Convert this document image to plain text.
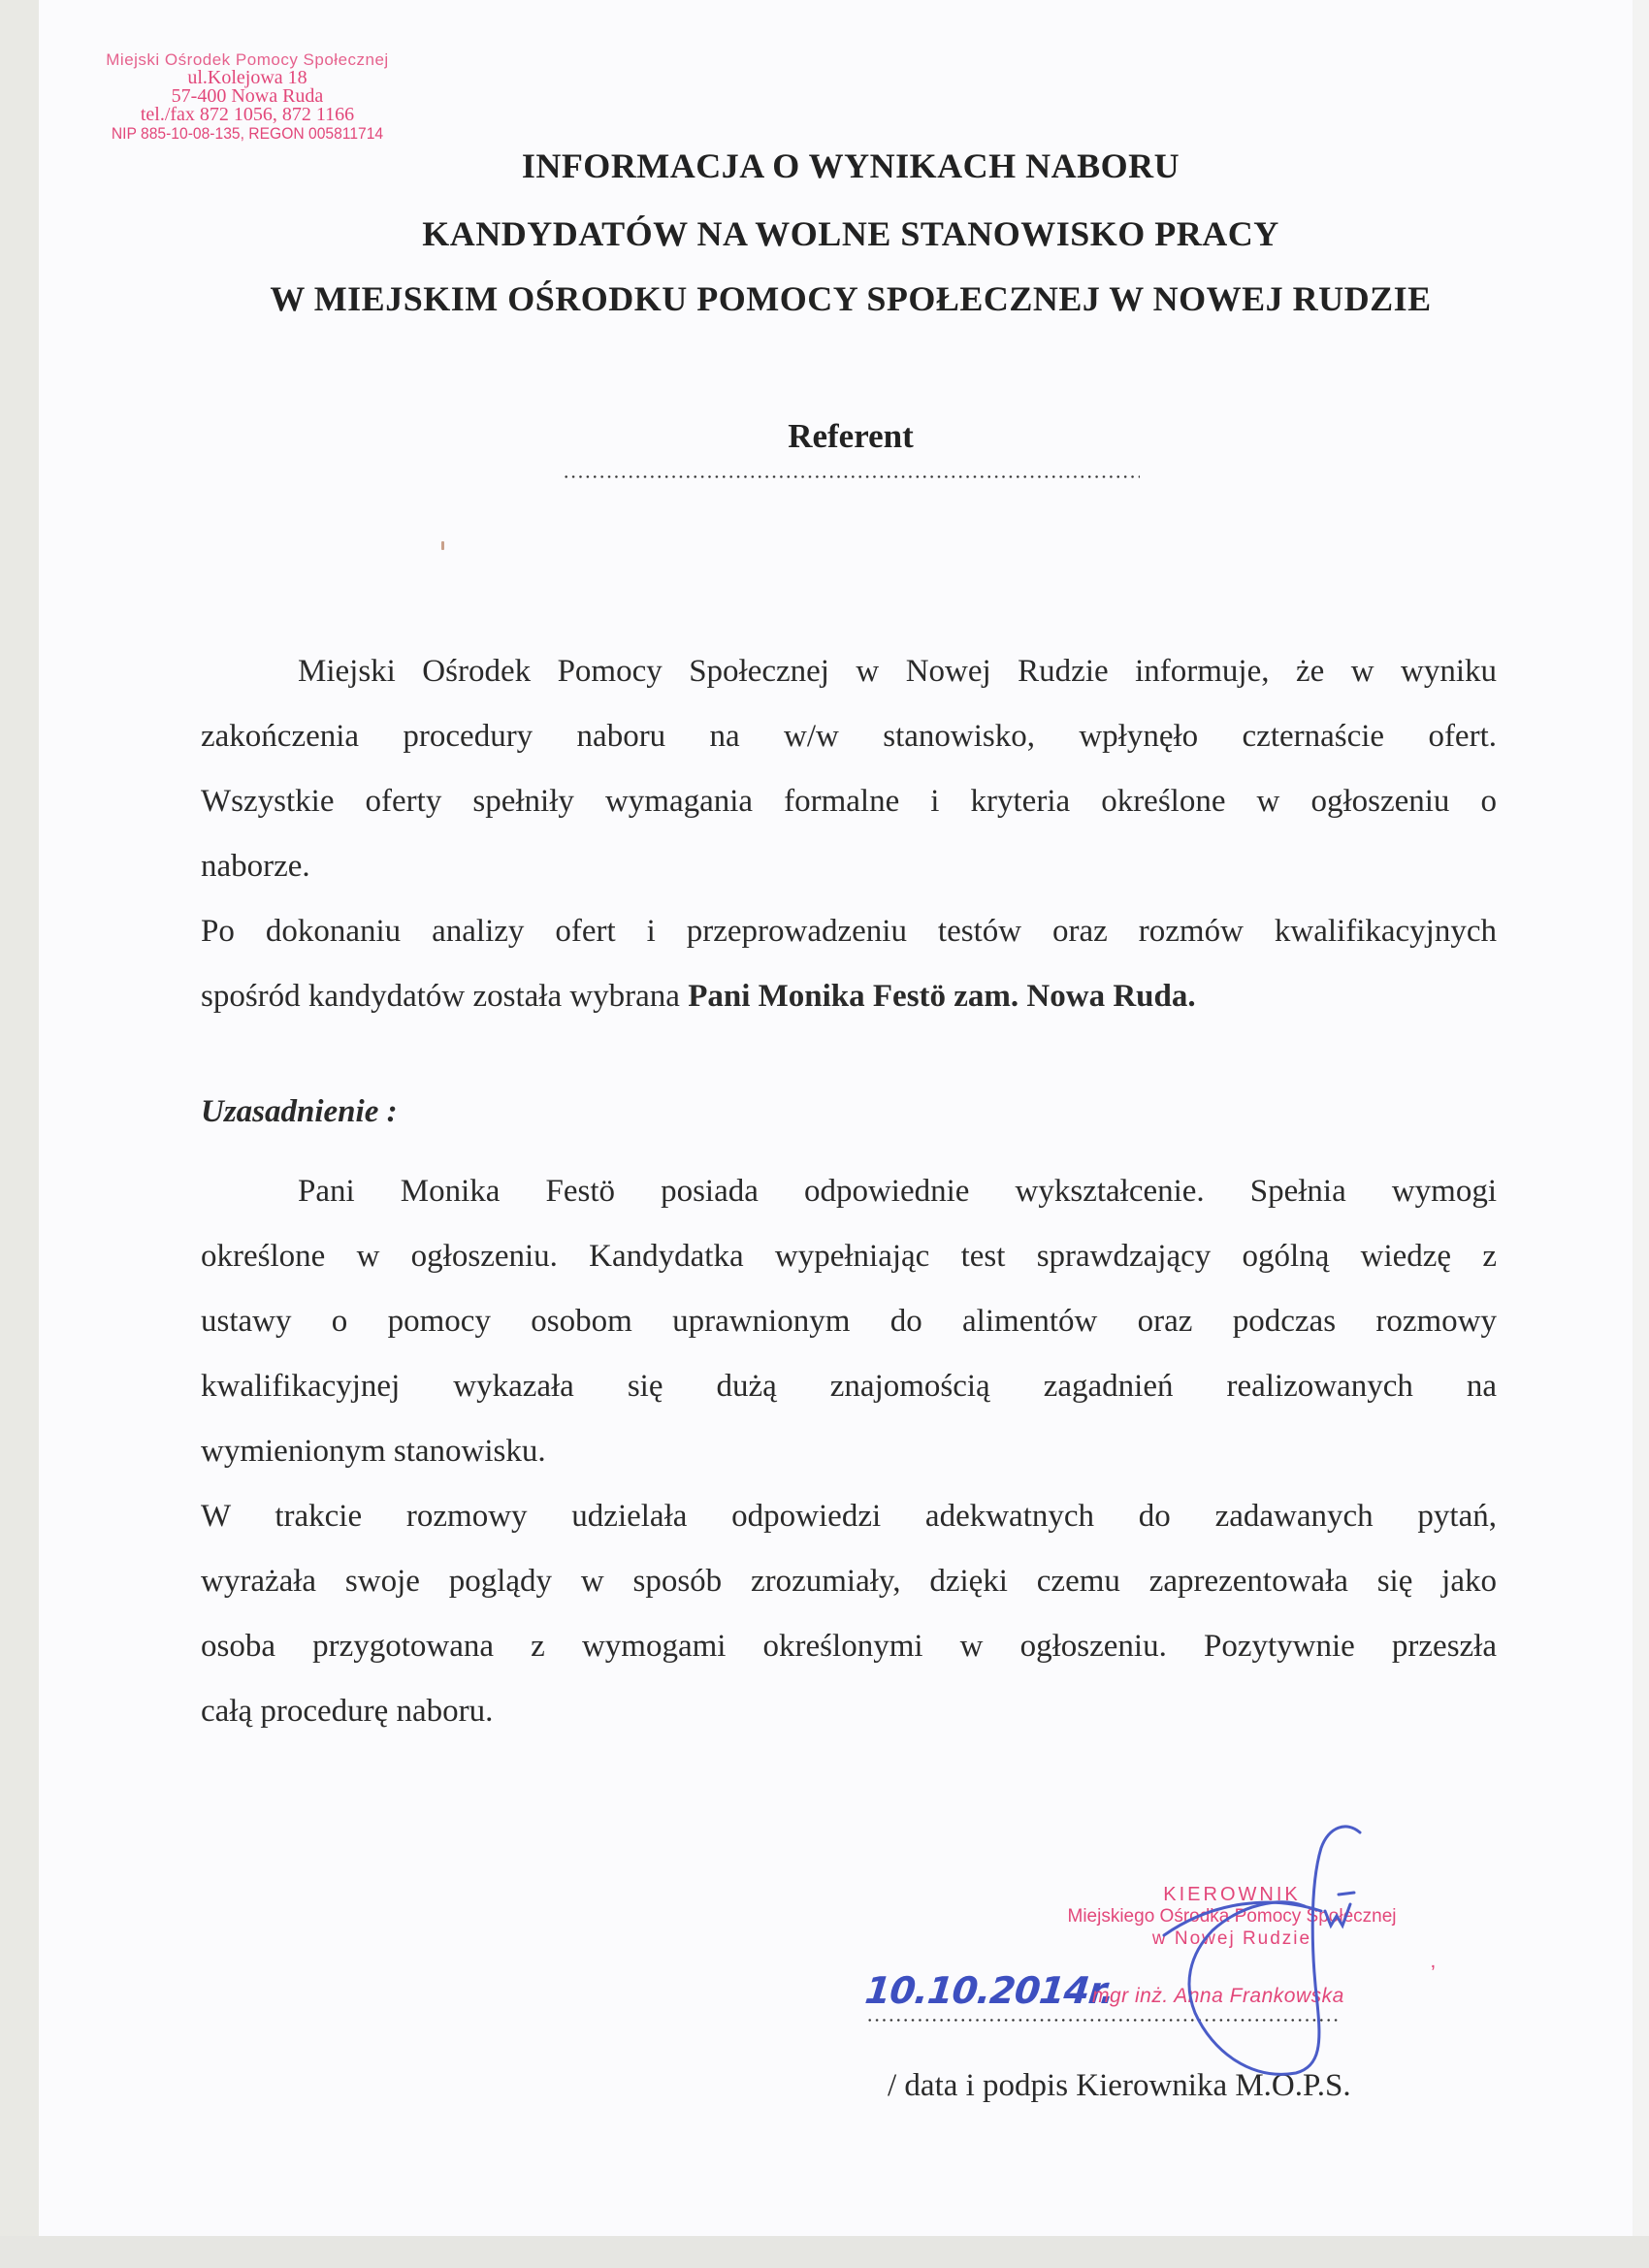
Miejski Ośrodek Pomocy Społecznej
ul.Kolejowa 18
57-400 Nowa Ruda
tel./fax 872 1056, 872 1166
NIP 885-10-08-135, REGON 005811714
INFORMACJA O WYNIKACH NABORU
KANDYDATÓW NA WOLNE STANOWISKO PRACY
W MIEJSKIM OŚRODKU POMOCY SPOŁECZNEJ W NOWEJ RUDZIE
Referent
Miejski Ośrodek Pomocy Społecznej w Nowej Rudzie informuje, że w wyniku
zakończenia procedury naboru na w/w stanowisko, wpłynęło czternaście ofert.
Wszystkie oferty spełniły wymagania formalne i kryteria określone w ogłoszeniu o
naborze.
Po dokonaniu analizy ofert i przeprowadzeniu testów oraz rozmów kwalifikacyjnych
spośród kandydatów została wybrana Pani Monika Festö zam. Nowa Ruda.
Uzasadnienie :
Pani Monika Festö posiada odpowiednie wykształcenie. Spełnia wymogi
określone w ogłoszeniu. Kandydatka wypełniając test sprawdzający ogólną wiedzę z
ustawy o pomocy osobom uprawnionym do alimentów oraz podczas rozmowy
kwalifikacyjnej wykazała się dużą znajomością zagadnień realizowanych na
wymienionym stanowisku.
W trakcie rozmowy udzielała odpowiedzi adekwatnych do zadawanych pytań,
wyrażała swoje poglądy w sposób zrozumiały, dzięki czemu zaprezentowała się jako
osoba przygotowana z wymogami określonymi w ogłoszeniu. Pozytywnie przeszła
całą procedurę naboru.
KIEROWNIK
Miejskiego Ośrodka Pomocy Społecznej
w Nowej Rudzie
ʼ
10.10.2014r.
mgr inż. Anna Frankowska
/ data i podpis Kierownika M.O.P.S.
